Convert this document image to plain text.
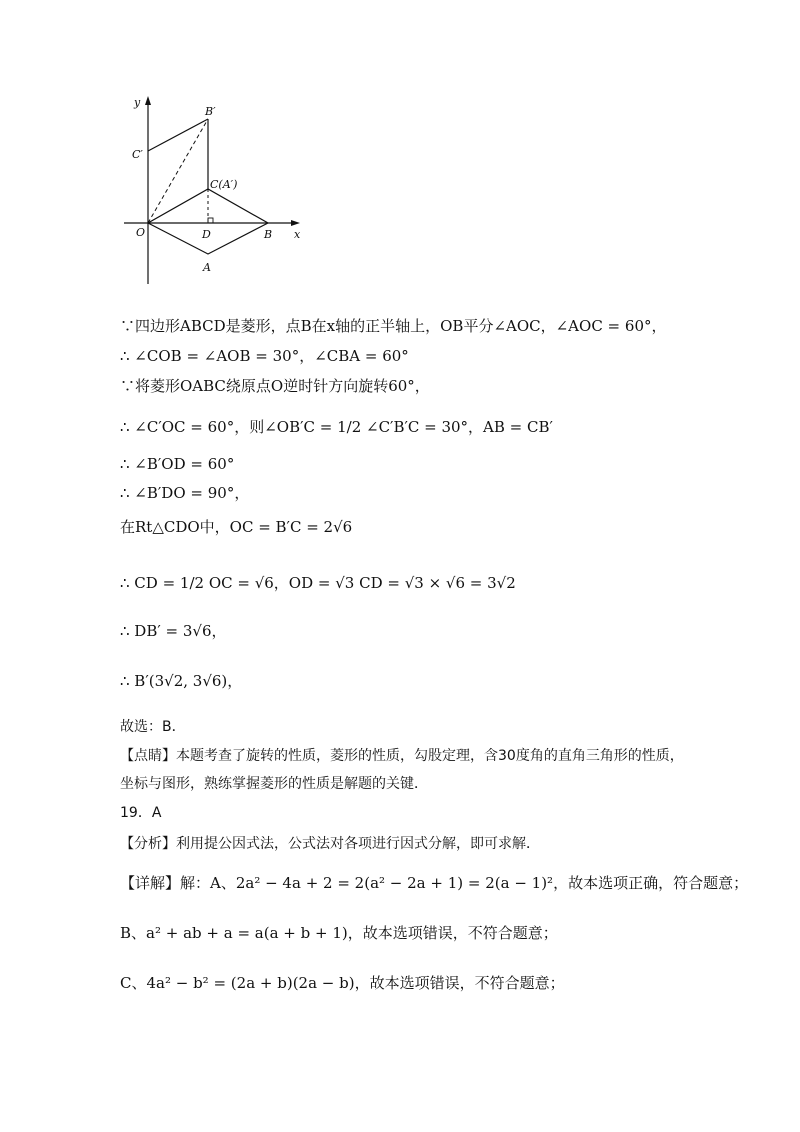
y
x
O	D	B
A
B′
C′
C(A′)
∵四边形ABCD是菱形，点B在x轴的正半轴上，OB平分∠AOC，∠AOC = 60°，
∴ ∠COB = ∠AOB = 30°，∠CBA = 60°
∵将菱形OABC绕原点O逆时针方向旋转60°，
∴ ∠C′OC = 60°，则∠OB′C = 1/2 ∠C′B′C = 30°，AB = CB′
∴ ∠B′OD = 60°
∴ ∠B′DO = 90°，
在Rt△CDO中，OC = B′C = 2√6
∴ CD = 1/2 OC = √6，OD = √3 CD = √3 × √6 = 3√2
∴ DB′ = 3√6，
∴ B′(3√2, 3√6)，
故选：B．
【点睛】本题考查了旋转的性质，菱形的性质，勾股定理，含30度角的直角三角形的性质，
坐标与图形，熟练掌握菱形的性质是解题的关键．
19．A
【分析】利用提公因式法，公式法对各项进行因式分解，即可求解．
【详解】解：A、2a² − 4a + 2 = 2(a² − 2a + 1) = 2(a − 1)²，故本选项正确，符合题意；
B、a² + ab + a = a(a + b + 1)，故本选项错误，不符合题意；
C、4a² − b² = (2a + b)(2a − b)，故本选项错误，不符合题意；
